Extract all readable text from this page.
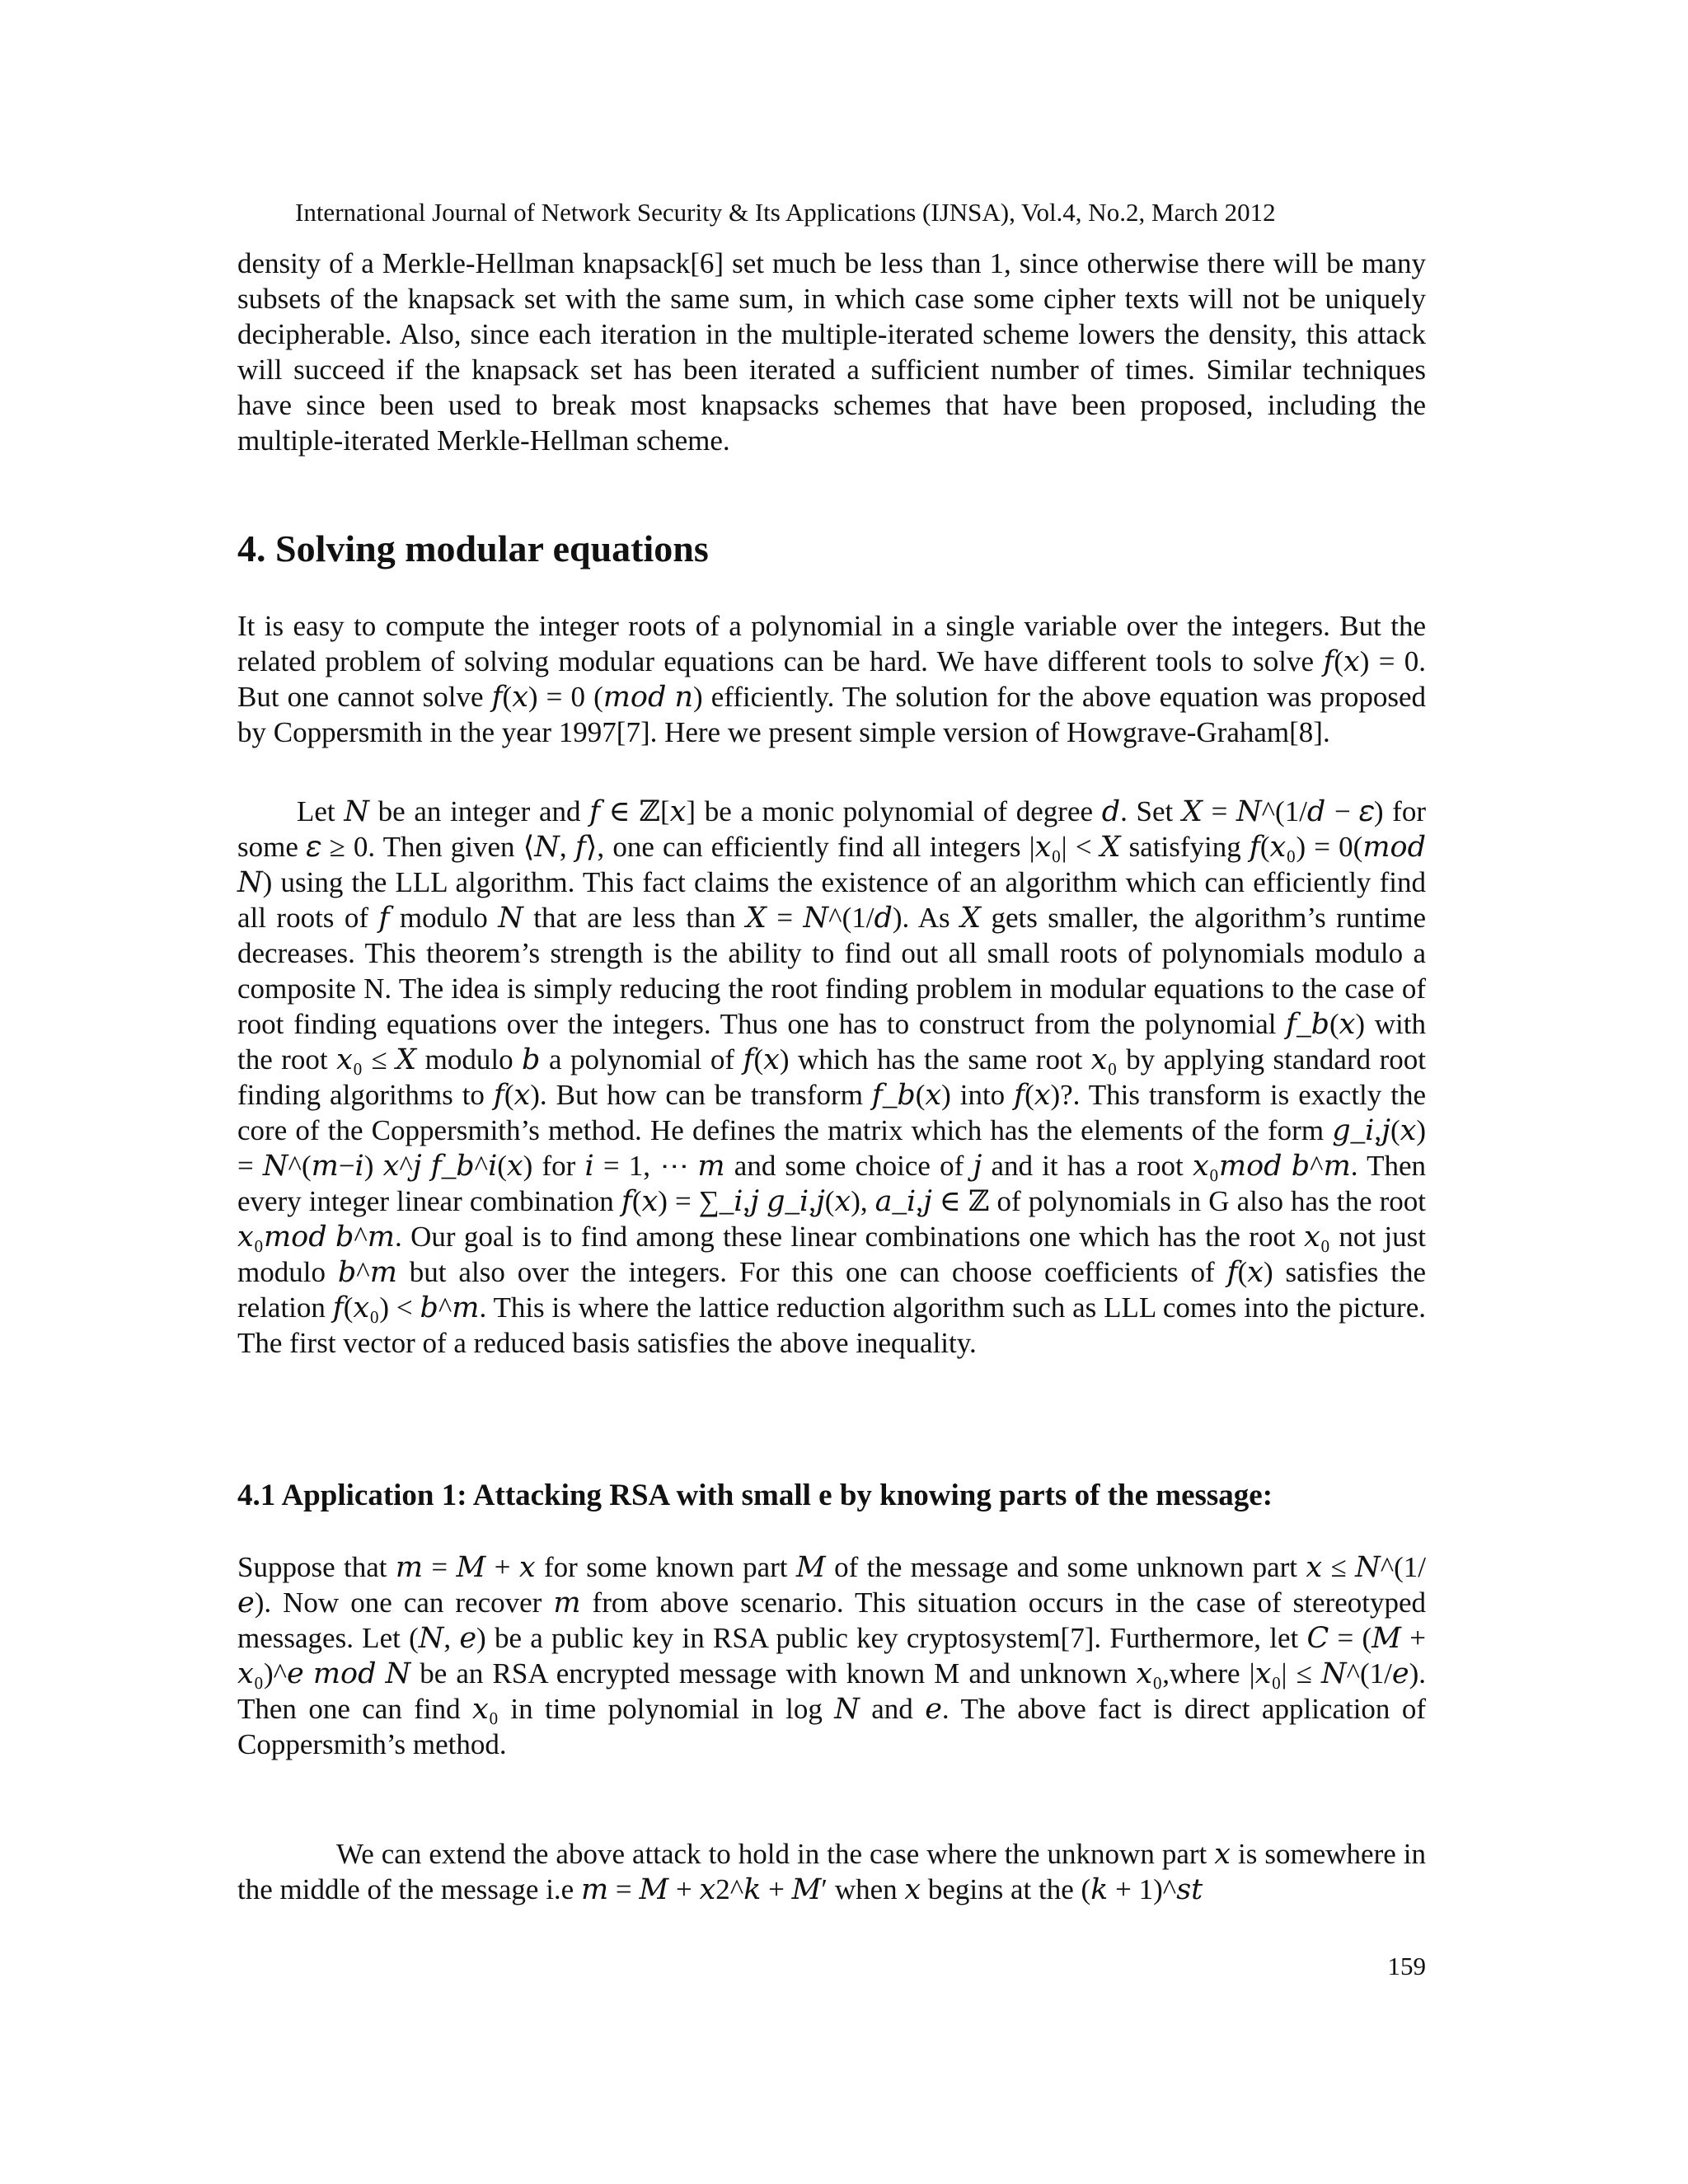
International Journal of Network Security & Its Applications (IJNSA), Vol.4, No.2, March 2012

density of a Merkle-Hellman knapsack[6] set much be less than 1, since otherwise there will be many subsets of the knapsack set with the same sum, in which case some cipher texts will not be uniquely decipherable. Also, since each iteration in the multiple-iterated scheme lowers the density, this attack will succeed if the knapsack set has been iterated a sufficient number of times. Similar techniques have since been used to break most knapsacks schemes that have been proposed, including the multiple-iterated Merkle-Hellman scheme.

4. Solving modular equations

It is easy to compute the integer roots of a polynomial in a single variable over the integers. But the related problem of solving modular equations can be hard. We have different tools to solve 𝑓(𝑥) = 0. But one cannot solve 𝑓(𝑥) = 0 (𝑚𝑜𝑑 𝑛) efficiently. The solution for the above equation was proposed by Coppersmith in the year 1997[7]. Here we present simple version of Howgrave-Graham[8].

Let 𝑁 be an integer and 𝑓 ∈ ℤ[𝑥] be a monic polynomial of degree 𝑑. Set 𝑋 = 𝑁^(1/𝑑 − 𝜀) for some 𝜀 ≥ 0. Then given ⟨𝑁, 𝑓⟩, one can efficiently find all integers |𝑥₀| < 𝑋 satisfying 𝑓(𝑥₀) = 0(𝑚𝑜𝑑 𝑁) using the LLL algorithm. This fact claims the existence of an algorithm which can efficiently find all roots of 𝑓 modulo 𝑁 that are less than 𝑋 = 𝑁^(1/𝑑). As 𝑋 gets smaller, the algorithm’s runtime decreases. This theorem’s strength is the ability to find out all small roots of polynomials modulo a composite N. The idea is simply reducing the root finding problem in modular equations to the case of root finding equations over the integers. Thus one has to construct from the polynomial 𝑓_𝑏(𝑥) with the root 𝑥₀ ≤ 𝑋 modulo 𝑏 a polynomial of 𝑓(𝑥) which has the same root 𝑥₀ by applying standard root finding algorithms to 𝑓(𝑥). But how can be transform 𝑓_𝑏(𝑥) into 𝑓(𝑥)?. This transform is exactly the core of the Coppersmith’s method. He defines the matrix which has the elements of the form 𝑔_𝑖,𝑗(𝑥) = 𝑁^(𝑚−𝑖) 𝑥^𝑗 𝑓_𝑏^𝑖(𝑥) for 𝑖 = 1, ⋯ 𝑚 and some choice of 𝑗 and it has a root 𝑥₀𝑚𝑜𝑑 𝑏^𝑚. Then every integer linear combination 𝑓(𝑥) = ∑_𝑖,𝑗 𝑔_𝑖,𝑗(𝑥), 𝑎_𝑖,𝑗 ∈ ℤ of polynomials in G also has the root 𝑥₀𝑚𝑜𝑑 𝑏^𝑚. Our goal is to find among these linear combinations one which has the root 𝑥₀ not just modulo 𝑏^𝑚 but also over the integers. For this one can choose coefficients of 𝑓(𝑥) satisfies the relation 𝑓(𝑥₀) < 𝑏^𝑚. This is where the lattice reduction algorithm such as LLL comes into the picture. The first vector of a reduced basis satisfies the above inequality.

4.1 Application 1: Attacking RSA with small e by knowing parts of the message:

Suppose that 𝑚 = 𝑀 + 𝑥 for some known part 𝑀 of the message and some unknown part 𝑥 ≤ 𝑁^(1/𝑒). Now one can recover 𝑚 from above scenario. This situation occurs in the case of stereotyped messages. Let (𝑁, 𝑒) be a public key in RSA public key cryptosystem[7]. Furthermore, let 𝐶 = (𝑀 + 𝑥₀)^𝑒 𝑚𝑜𝑑 𝑁 be an RSA encrypted message with known M and unknown 𝑥₀,where |𝑥₀| ≤ 𝑁^(1/𝑒). Then one can find 𝑥₀ in time polynomial in log 𝑁 and 𝑒. The above fact is direct application of Coppersmith’s method.

We can extend the above attack to hold in the case where the unknown part 𝑥 is somewhere in the middle of the message i.e 𝑚 = 𝑀 + 𝑥2^𝑘 + 𝑀′ when 𝑥 begins at the (𝑘 + 1)^𝑠𝑡

159
